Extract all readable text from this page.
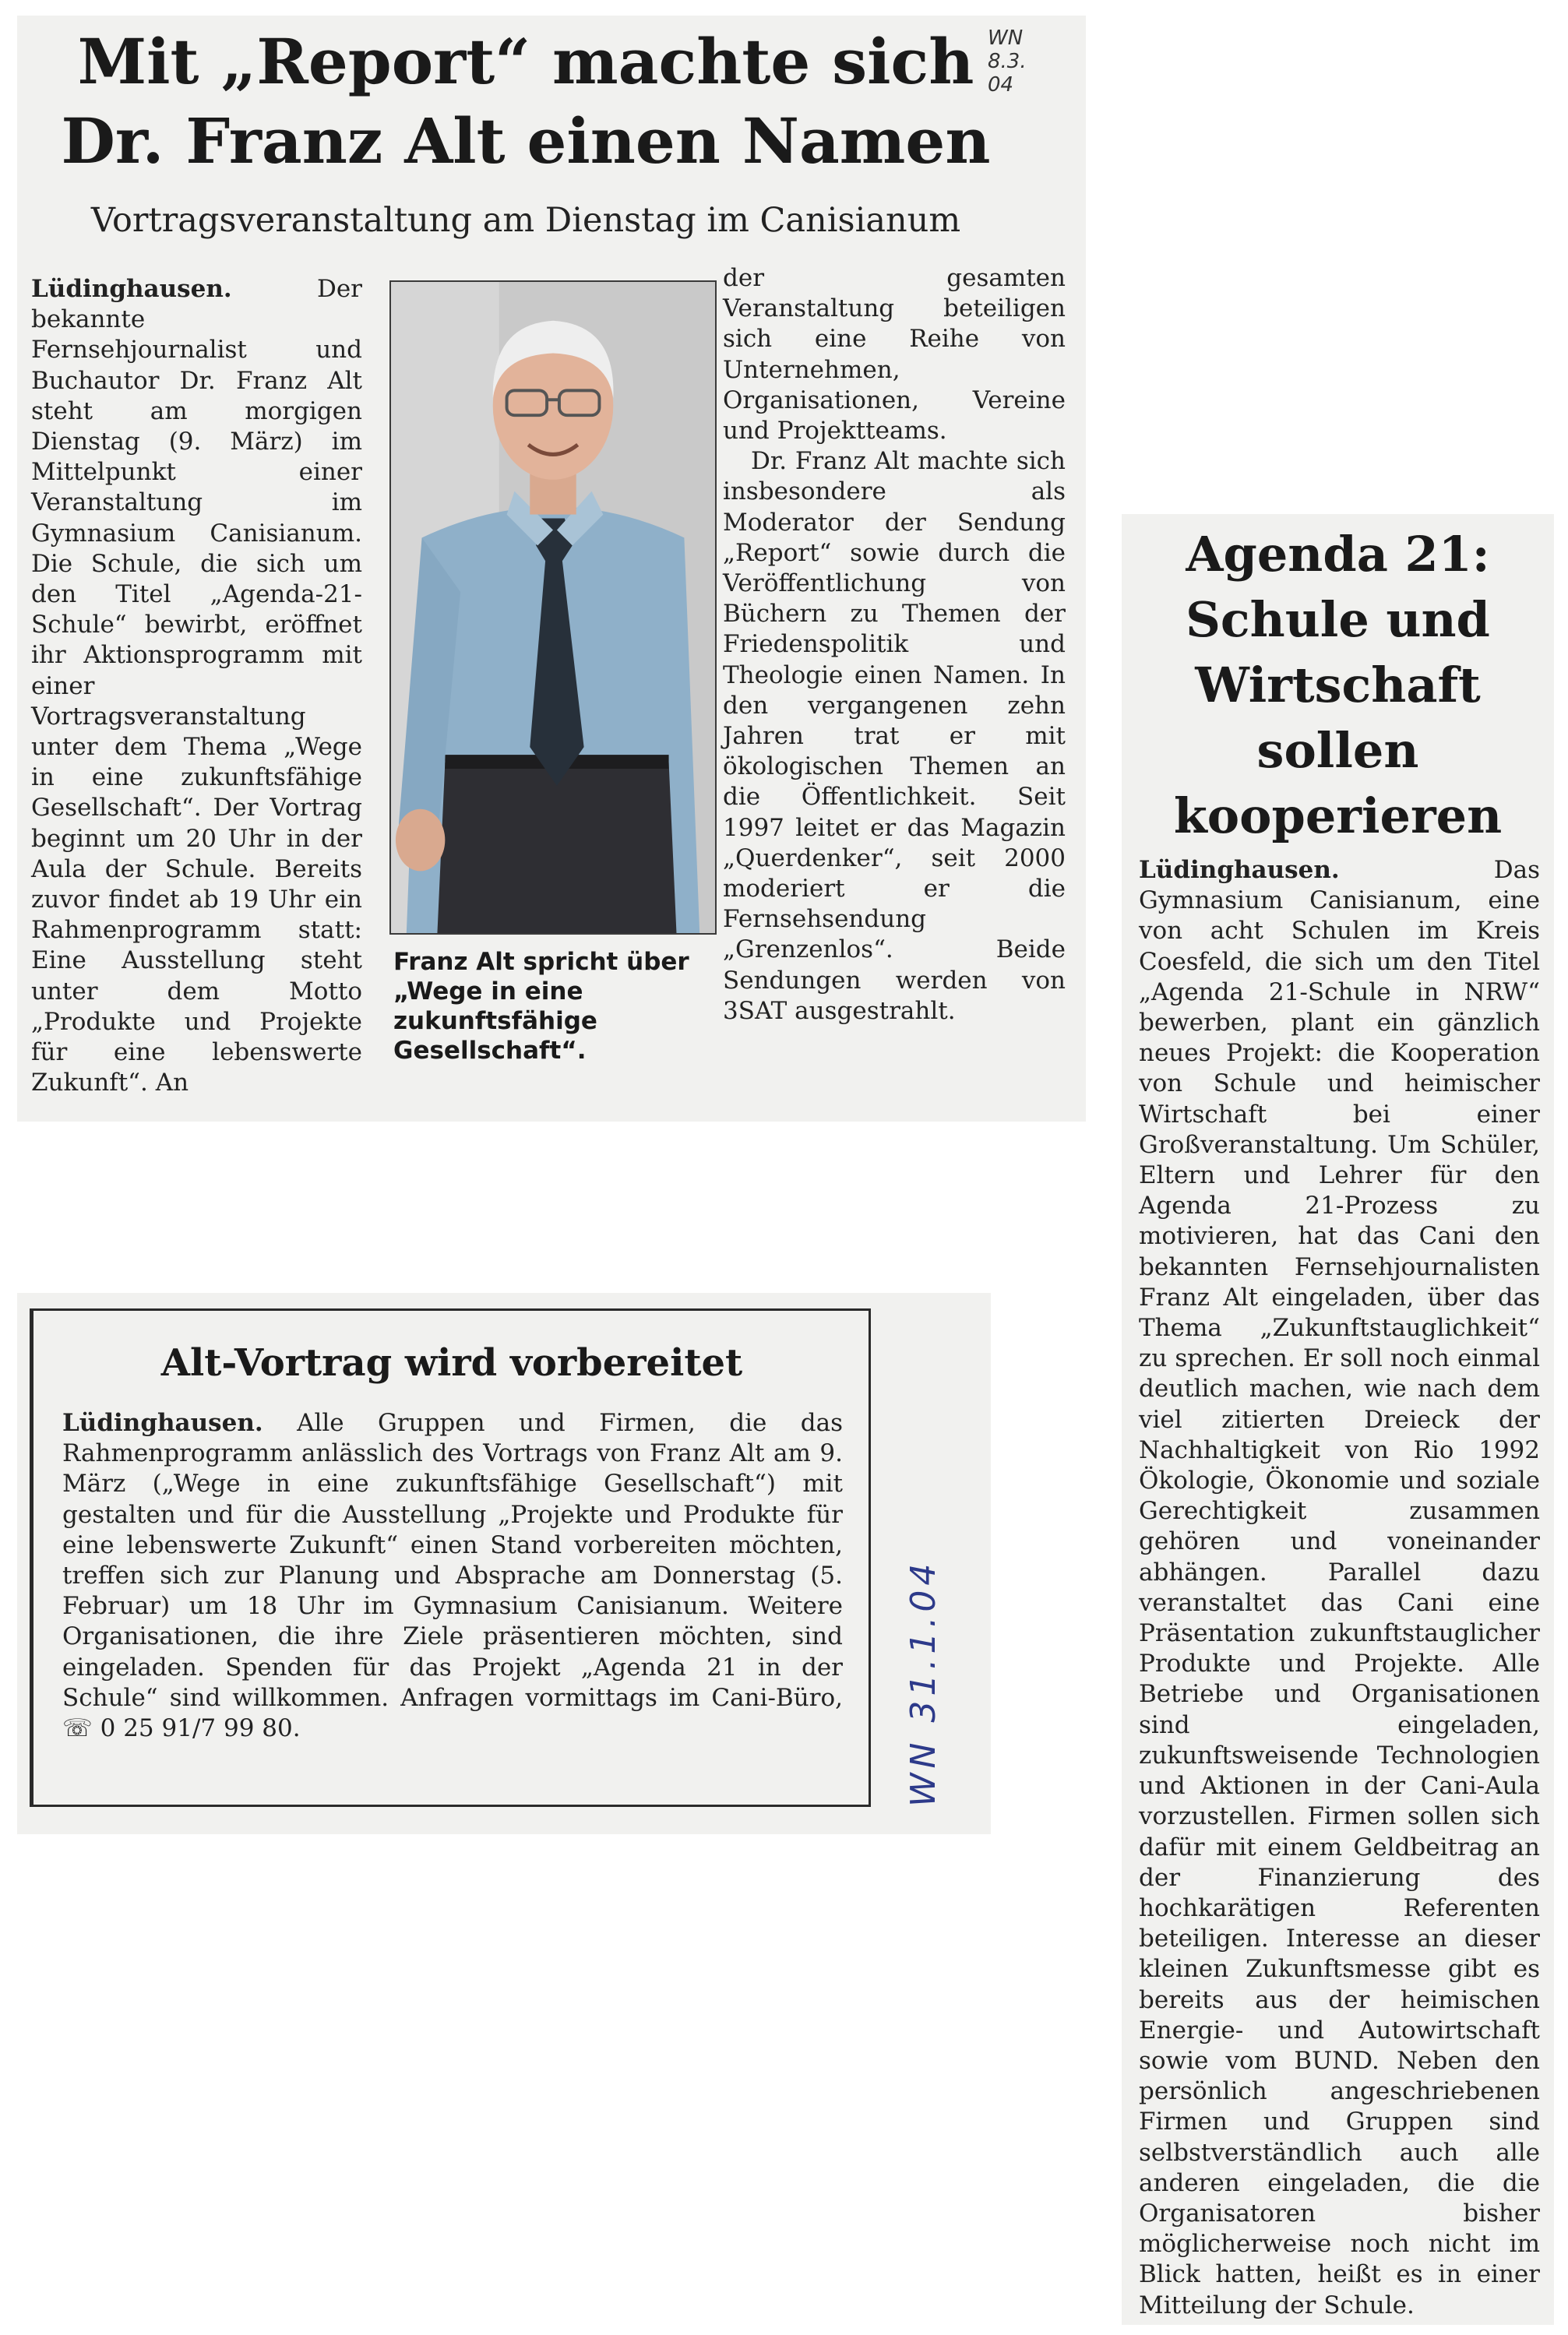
Mit „Report“ machte sich
Dr. Franz Alt einen Namen
WN
8.3.
04
Vortragsveranstaltung am Dienstag im Canisianum

Lüdinghausen.	Der bekannte Fernsehjournalist und Buchautor Dr. Franz Alt steht am morgigen Dienstag (9. März) im Mittelpunkt einer Veranstaltung im Gymnasium Canisianum. Die Schule, die sich um den Titel „Agenda-21-Schule“ bewirbt, eröffnet ihr Aktionsprogramm mit einer Vortragsveranstaltung unter dem Thema „Wege in eine zukunftsfähige Gesellschaft“. Der Vortrag beginnt um 20 Uhr in der Aula der Schule. Bereits zuvor findet ab 19 Uhr ein Rahmenprogramm statt: Eine Ausstellung steht unter dem Motto „Produkte und Projekte für eine lebenswerte Zukunft“. An

Franz Alt spricht über „Wege in eine zukunftsfähige Gesellschaft“.

der gesamten Veranstaltung beteiligen sich eine Reihe von Unternehmen, Organisationen, Vereine und Projektteams.

Dr. Franz Alt machte sich insbesondere als Moderator der Sendung „Report“ sowie durch die Veröffentlichung von Büchern zu Themen der Friedenspolitik und Theologie einen Namen. In den vergangenen zehn Jahren trat er mit ökologischen Themen an die Öffentlichkeit. Seit 1997 leitet er das Magazin „Querdenker“, seit 2000 moderiert er die Fernsehsendung „Grenzenlos“. Beide Sendungen werden von 3SAT ausgestrahlt.

Agenda 21:
Schule und
Wirtschaft
sollen
kooperieren

Lüdinghausen.	Das Gymnasium Canisianum, eine von acht Schulen im Kreis Coesfeld, die sich um den Titel „Agenda 21-Schule in NRW“ bewerben, plant ein gänzlich neues Projekt: die Kooperation von Schule und heimischer Wirtschaft bei einer Großveranstaltung. Um Schüler, Eltern und Lehrer für den Agenda 21-Prozess zu motivieren, hat das Cani den bekannten Fernsehjournalisten Franz Alt eingeladen, über das Thema „Zukunftstauglichkeit“ zu sprechen. Er soll noch einmal deutlich machen, wie nach dem viel zitierten Dreieck der Nachhaltigkeit von Rio 1992 Ökologie, Ökonomie und soziale Gerechtigkeit zusammen gehören und voneinander abhängen. Parallel dazu veranstaltet das Cani eine Präsentation zukunftstauglicher Produkte und Projekte. Alle Betriebe und Organisationen sind eingeladen, zukunftsweisende Technologien und Aktionen in der Cani-Aula vorzustellen. Firmen sollen sich dafür mit einem Geldbeitrag an der Finanzierung des hochkarätigen Referenten beteiligen. Interesse an dieser kleinen Zukunftsmesse gibt es bereits aus der heimischen Energie- und Autowirtschaft sowie vom BUND. Neben den persönlich angeschriebenen Firmen und Gruppen sind selbstverständlich auch alle anderen eingeladen, die die Organisatoren bisher möglicherweise noch nicht im Blick hatten, heißt es in einer Mitteilung der Schule.

Alt-Vortrag wird vorbereitet

Lüdinghausen. Alle Gruppen und Firmen, die das Rahmenprogramm anlässlich des Vortrags von Franz Alt am 9. März („Wege in eine zukunftsfähige Gesellschaft“) mit gestalten und für die Ausstellung „Projekte und Produkte für eine lebenswerte Zukunft“ einen Stand vorbereiten möchten, treffen sich zur Planung und Absprache am Donnerstag (5. Februar) um 18 Uhr im Gymnasium Canisianum. Weitere Organisationen, die ihre Ziele präsentieren möchten, sind eingeladen. Spenden für das Projekt „Agenda 21 in der Schule“ sind willkommen. Anfragen vormittags im Cani-Büro, ☏ 0 25 91/7 99 80.	WN 31.1.04
